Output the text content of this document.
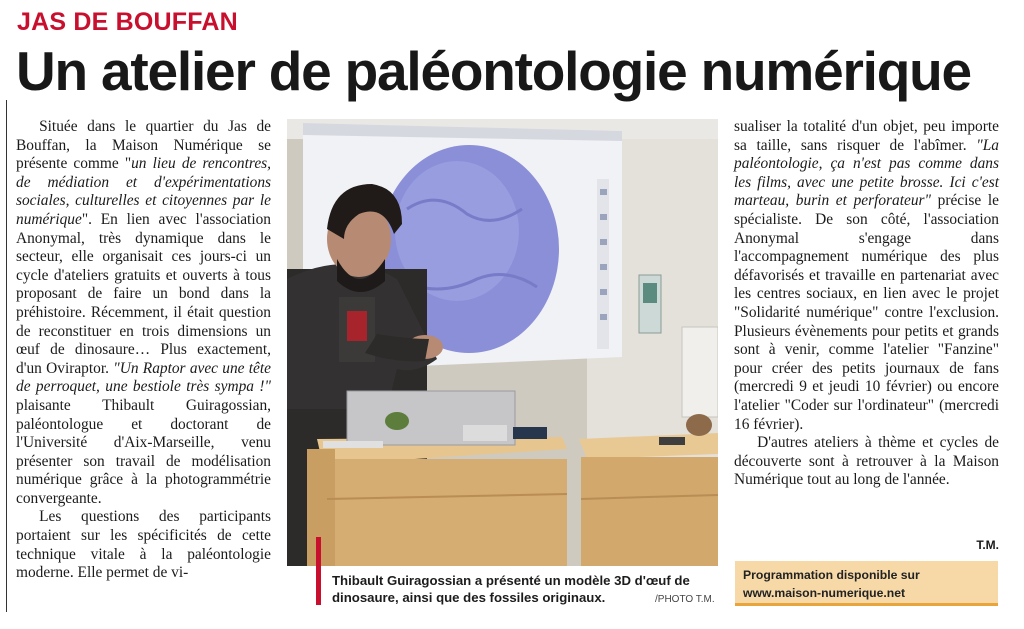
JAS DE BOUFFAN
Un atelier de paléontologie numérique

Située dans le quartier du Jas de Bouffan, la Maison Numérique se présente comme "un lieu de rencontres, de médiation et d'expérimentations sociales, culturelles et citoyennes par le numérique". En lien avec l'association Anonymal, très dynamique dans le secteur, elle organisait ces jours-ci un cycle d'ateliers gratuits et ouverts à tous proposant de faire un bond dans la préhistoire. Récemment, il était question de reconstituer en trois dimensions un œuf de dinosaure… Plus exactement, d'un Oviraptor. "Un Raptor avec une tête de perroquet, une bestiole très sympa !" plaisante Thibault Guiragossian, paléontologue et doctorant de l'Université d'Aix-Marseille, venu présenter son travail de modélisation numérique grâce à la photogrammétrie convergeante.

Les questions des participants portaient sur les spécificités de cette technique vitale à la paléontologie moderne. Elle permet de vi-	Thibault Guiragossian a présenté un modèle 3D d'œuf de dinosaure, ainsi que des fossiles originaux.	/PHOTO T.M.

sualiser la totalité d'un objet, peu importe sa taille, sans risquer de l'abîmer. "La paléontologie, ça n'est pas comme dans les films, avec une petite brosse. Ici c'est marteau, burin et perforateur" précise le spécialiste. De son côté, l'association Anonymal s'engage dans l'accompagnement numérique des plus défavorisés et travaille en partenariat avec les centres sociaux, en lien avec le projet "Solidarité numérique" contre l'exclusion. Plusieurs évènements pour petits et grands sont à venir, comme l'atelier "Fanzine" pour créer des petits journaux de fans (mercredi 9 et jeudi 10 février) ou encore l'atelier "Coder sur l'ordinateur" (mercredi 16 février).

D'autres ateliers à thème et cycles de découverte sont à retrouver à la Maison Numérique tout au long de l'année.

T.M.
Programmation disponible sur
www.maison-numerique.net
